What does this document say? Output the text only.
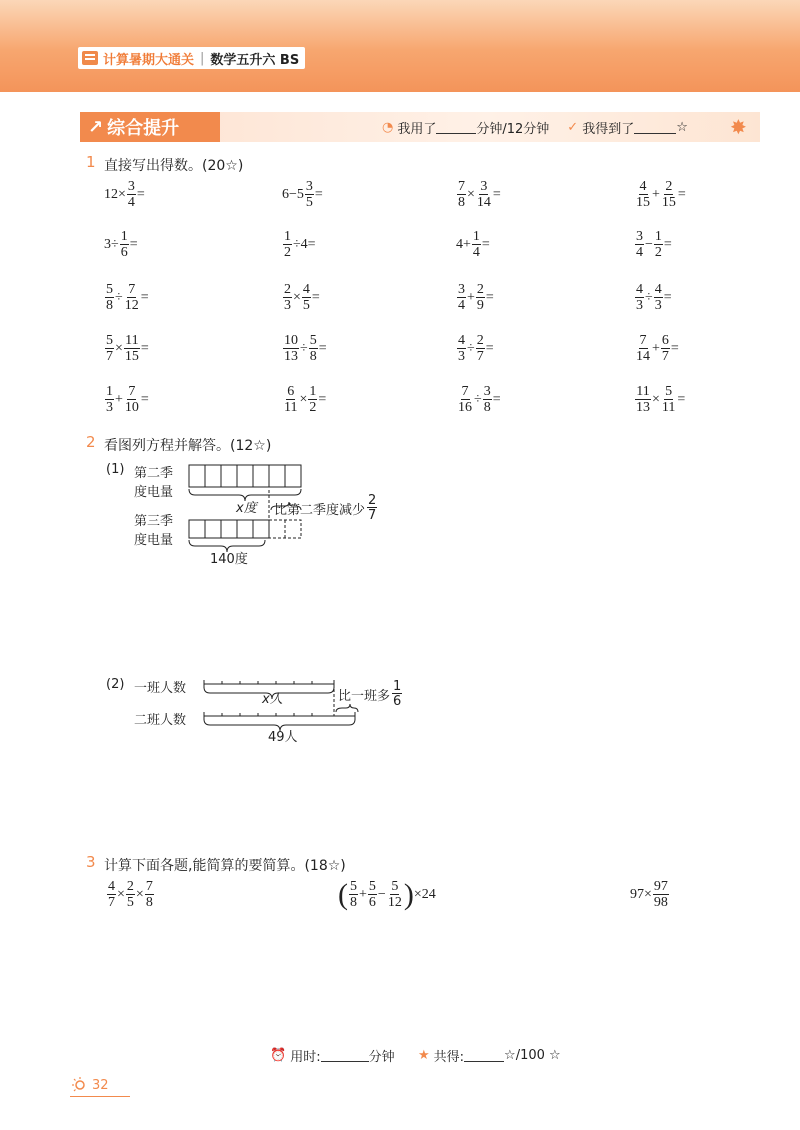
计算暑期大通关 | 数学五升六 BS
↗ 综合提升	◔ 我用了	分钟/12分钟 ✓ 我得到了	☆ ✸
1 直接写出得数。(20☆)
$12\times \frac{3}{4}$ =	$6-5 \frac{3}{5}$ =	$\frac{7}{8} \times \frac{3}{14}$ =	$\frac{4}{15} + \frac{2}{15}$ =
$3\div \frac{1}{6}$ =	$\frac{1}{2} \div 4=$	$4+ \frac{1}{4}$ =	$\frac{3}{4} - \frac{1}{2}$ =
$\frac{5}{8} \div \frac{7}{12}$ =	$\frac{2}{3} \times \frac{4}{5}$ =	$\frac{3}{4} + \frac{2}{9}$ =	$\frac{4}{3} \div \frac{4}{3}$ =
$\frac{5}{7} \times \frac{11}{15}$ =	$\frac{10}{13} \div \frac{5}{8}$ =	$\frac{4}{3} \div \frac{2}{7}$ =	$\frac{7}{14} + \frac{6}{7}$ =
$\frac{1}{3} + \frac{7}{10}$ =	$\frac{6}{11} \times \frac{1}{2}$ =	$\frac{7}{16} \div \frac{3}{8}$ =	$\frac{11}{13} \times \frac{5}{11}$ =
2 看图列方程并解答。(12☆)
(1) 第二季
度电量
第三季
度电量
x度 比第二季度减少
2
7
140度
(2) 一班人数
二班人数
x人	比一班多
1
6
49人
3 计算下面各题,能简算的要简算。(18☆)
$\frac{4}{7} \times \frac{2}{5} \times \frac{7}{8}$	( $\frac{5}{8} + \frac{5}{6} - \frac{5}{12}$ ) ×24	$97\times \frac{97}{98}$
⏰ 用时:	分钟 ★ 共得:	☆/100 ☆
32
